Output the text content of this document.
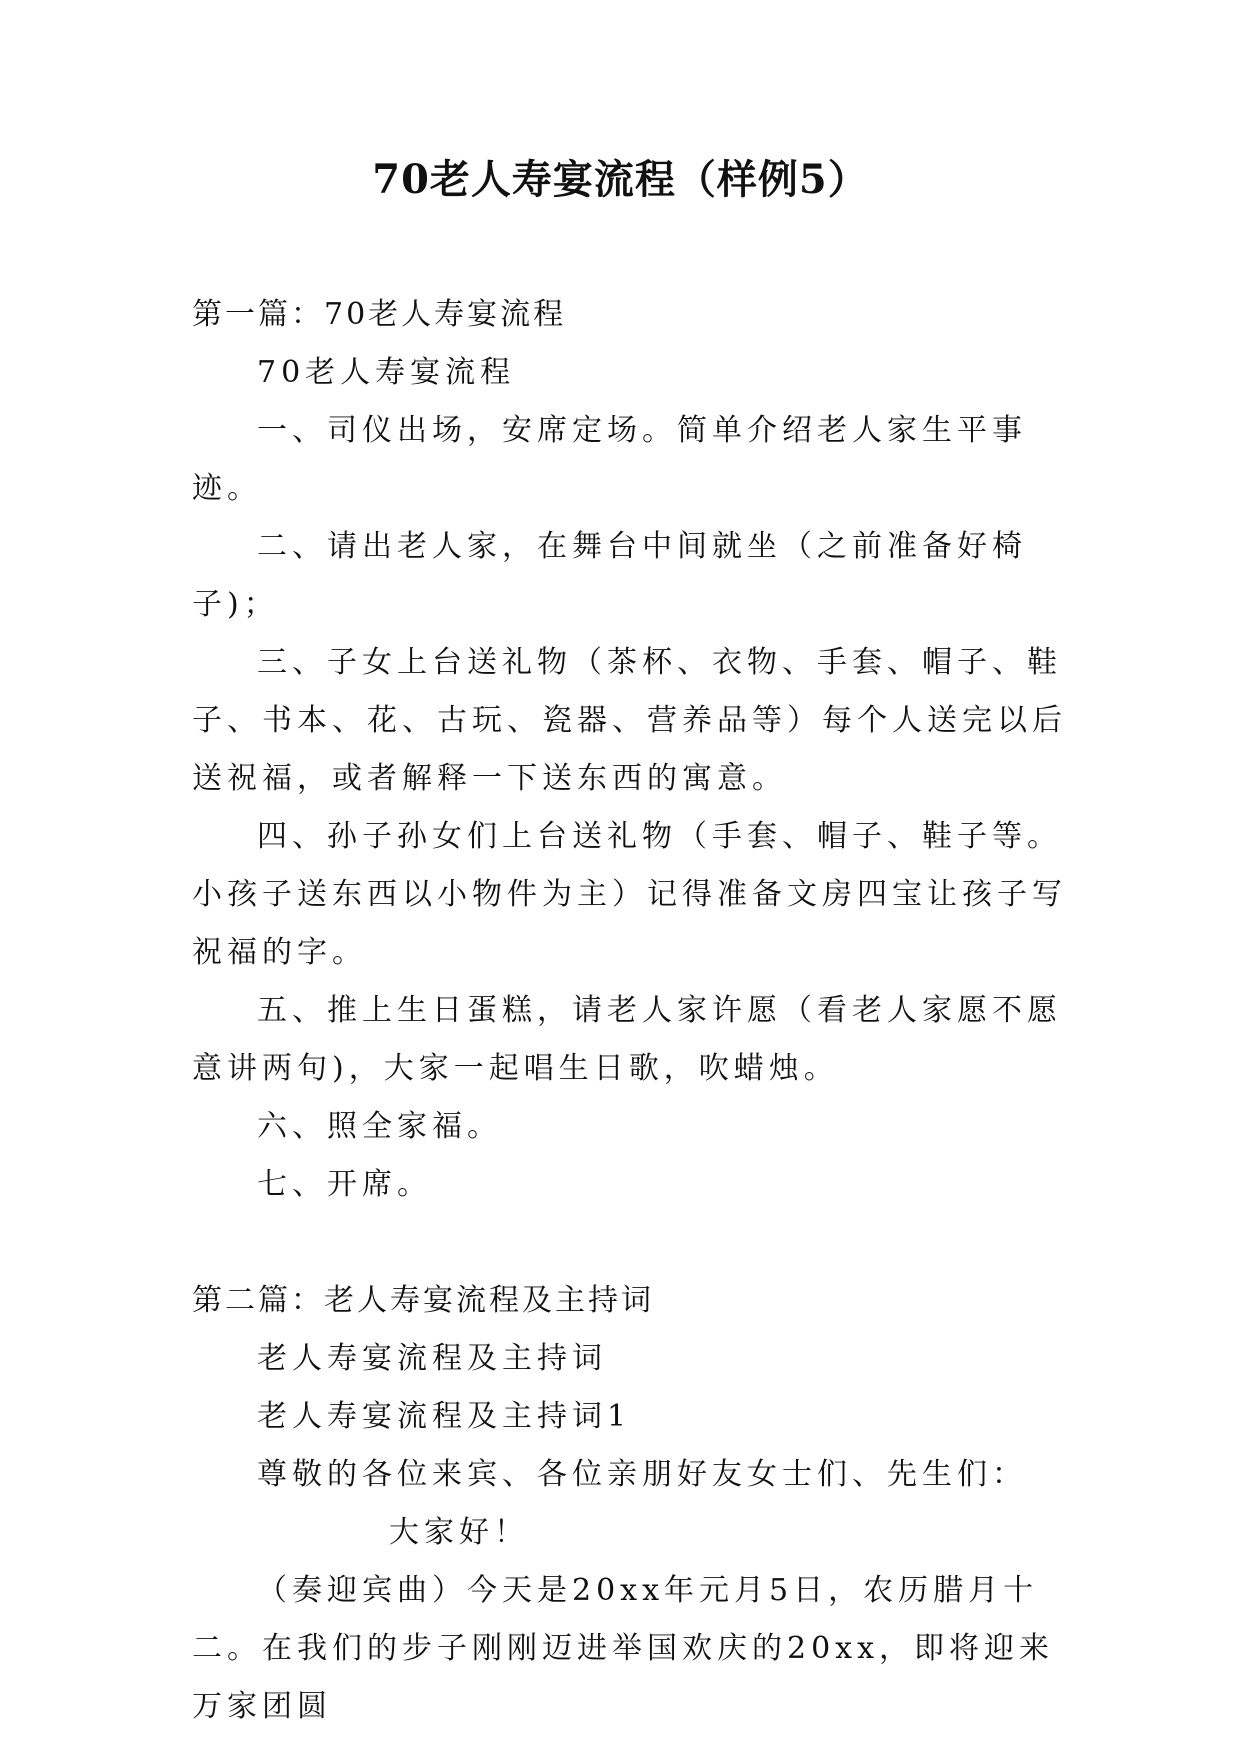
70老人寿宴流程（样例5）
第一篇：70老人寿宴流程

70老人寿宴流程

一、司仪出场，安席定场。简单介绍老人家生平事迹。

二、请出老人家，在舞台中间就坐（之前准备好椅子)；

三、子女上台送礼物（茶杯、衣物、手套、帽子、鞋子、书本、花、古玩、瓷器、营养品等）每个人送完以后送祝福，或者解释一下送东西的寓意。

四、孙子孙女们上台送礼物（手套、帽子、鞋子等。小孩子送东西以小物件为主）记得准备文房四宝让孩子写祝福的字。

五、推上生日蛋糕，请老人家许愿（看老人家愿不愿意讲两句)，大家一起唱生日歌，吹蜡烛。

六、照全家福。

七、开席。

第二篇：老人寿宴流程及主持词

老人寿宴流程及主持词

老人寿宴流程及主持词1

尊敬的各位来宾、各位亲朋好友女士们、先生们：

大家好！

（奏迎宾曲）今天是20xx年元月5日，农历腊月十二。在我们的步子刚刚迈进举国欢庆的20xx，即将迎来万家团圆
